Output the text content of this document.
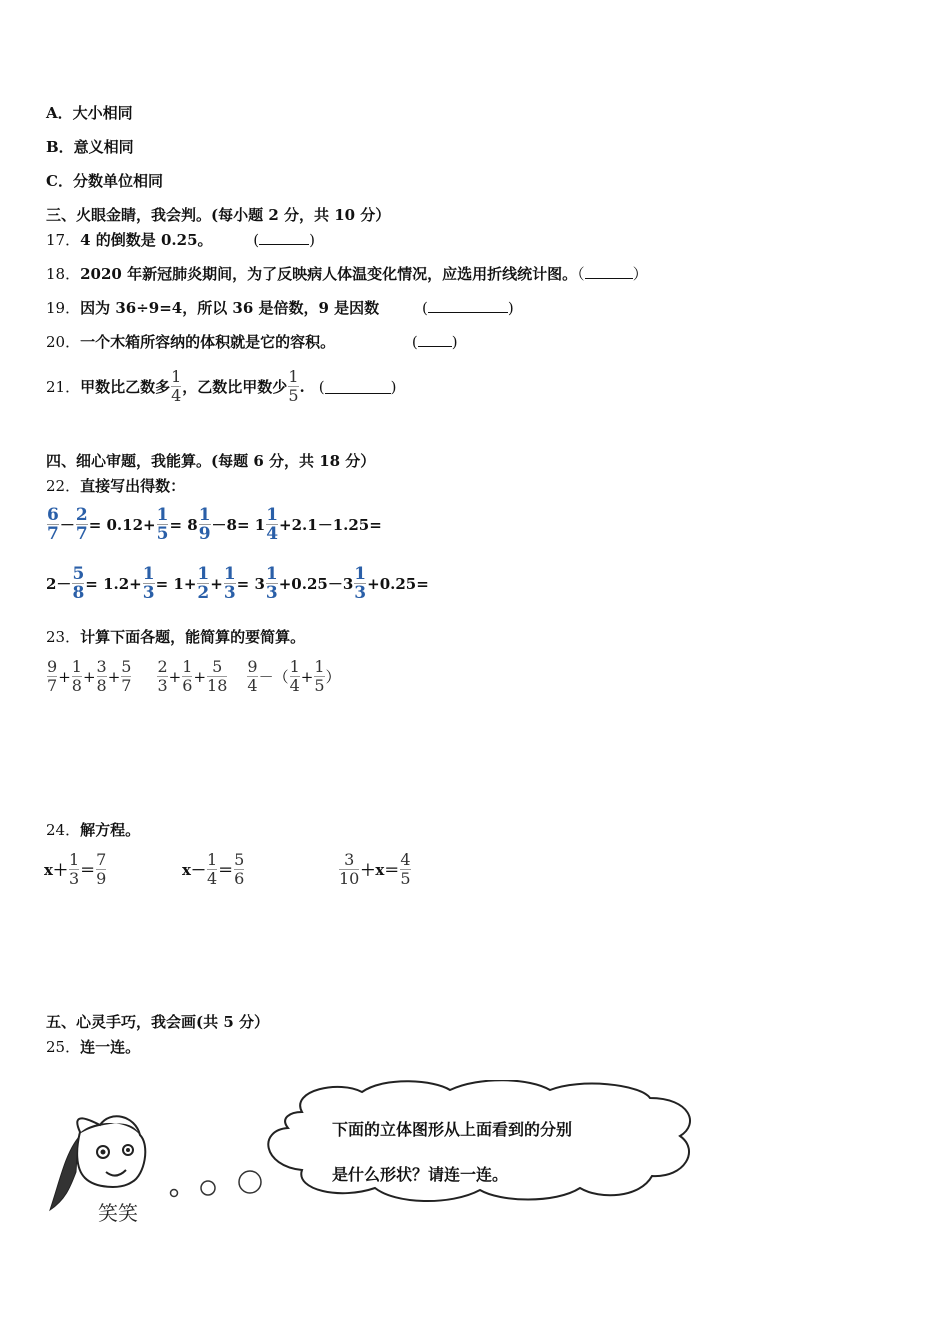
A．大小相同
B．意义相同
C．分数单位相同
三、火眼金睛，我会判。(每小题 2 分，共 10 分）
17．4 的倒数是 0.25。	(	)
18．2020 年新冠肺炎期间，为了反映病人体温变化情况，应选用折线统计图。（	）
19．因为 36÷9=4，所以 36 是倍数，9 是因数	(	)
20．一个木箱所容纳的体积就是它的容积。	( )
21． 甲数比乙数多 $\frac{1}{4}$ ，乙数比甲数少 $\frac{1}{5}$ . (	)
四、细心审题，我能算。(每题 6 分，共 18 分）
22．直接写出得数：
$\frac{6}{7} - \frac{2}{7} = 0.12+ \frac{1}{5} = 8 \frac{1}{9} -8= 1 \frac{1}{4} +2.1-1.25=$
$2- \frac{5}{8} = 1.2+ \frac{1}{3} = 1+ \frac{1}{2} + \frac{1}{3} = 3 \frac{1}{3} +0.25-3 \frac{1}{3} +0.25=$
23．计算下面各题，能简算的要简算。
$\frac{9}{7} + \frac{1}{8} + \frac{3}{8} + \frac{5}{7} \frac{2}{3} + \frac{1}{6} + \frac{5}{18} \frac{9}{4}$ － （ $\frac{1}{4} + \frac{1}{5}$ ）
24．解方程。
$x+ \frac{1}{3} = \frac{7}{9}$	$x- \frac{1}{4} = \frac{5}{6}$	$\frac{3}{10} +x= \frac{4}{5}$
五、心灵手巧，我会画(共 5 分）
25．连一连。
笑笑
下面的立体图形从上面看到的分别
是什么形状？请连一连。
